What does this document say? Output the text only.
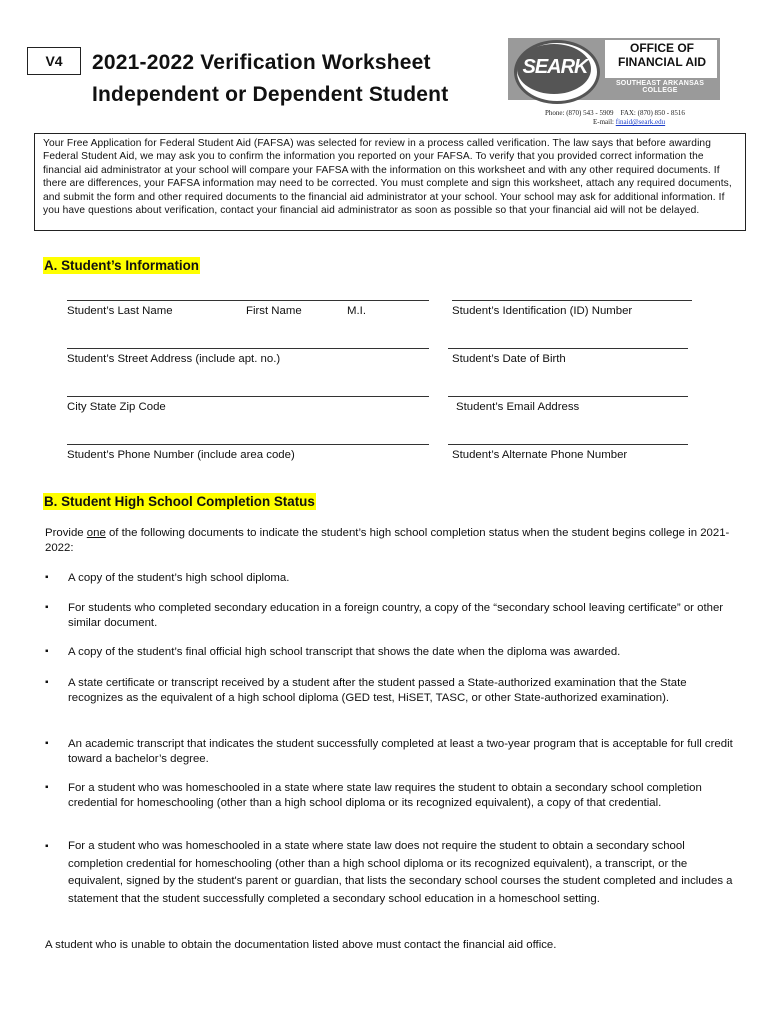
V4 2021-2022 Verification Worksheet
Independent or Dependent Student
SEARK
OFFICE OF
FINANCIAL AID
SOUTHEAST ARKANSAS COLLEGE
Phone: (870) 543 - 5909 FAX: (870) 850 - 8516
E-mail: finaid@seark.edu
Your Free Application for Federal Student Aid (FAFSA) was selected for review in a process called verification. The law says that before awarding Federal Student Aid, we may ask you to confirm the information you reported on your FAFSA. To verify that you provided correct information the financial aid administrator at your school will compare your FAFSA with the information on this worksheet and with any other required documents. If there are differences, your FAFSA information may need to be corrected. You must complete and sign this worksheet, attach any required documents, and submit the form and other required documents to the financial aid administrator at your school. Your school may ask for additional information. If you have questions about verification, contact your financial aid administrator as soon as possible so that your financial aid will not be delayed.
A. Student’s Information
Student’s Last Name	First Name	M.I.	Student’s Identification (ID) Number
Student’s Street Address (include apt. no.)	Student’s Date of Birth
City State Zip Code	Student’s Email Address
Student’s Phone Number (include area code)	Student’s Alternate Phone Number
B. Student High School Completion Status
Provide one of the following documents to indicate the student’s high school completion status when the student begins college in 2021-2022:
▪ A copy of the student’s high school diploma.
▪ For students who completed secondary education in a foreign country, a copy of the “secondary school leaving certificate” or other similar document.
▪ A copy of the student’s final official high school transcript that shows the date when the diploma was awarded.
▪ A state certificate or transcript received by a student after the student passed a State-authorized examination that the State recognizes as the equivalent of a high school diploma (GED test, HiSET, TASC, or other State-authorized examination).
▪ An academic transcript that indicates the student successfully completed at least a two-year program that is acceptable for full credit toward a bachelor’s degree.
▪ For a student who was homeschooled in a state where state law requires the student to obtain a secondary school completion credential for homeschooling (other than a high school diploma or its recognized equivalent), a copy of that credential.
▪ For a student who was homeschooled in a state where state law does not require the student to obtain a secondary school completion credential for homeschooling (other than a high school diploma or its recognized equivalent), a transcript, or the equivalent, signed by the student's parent or guardian, that lists the secondary school courses the student completed and includes a statement that the student successfully completed a secondary school education in a homeschool setting.
A student who is unable to obtain the documentation listed above must contact the financial aid office.
